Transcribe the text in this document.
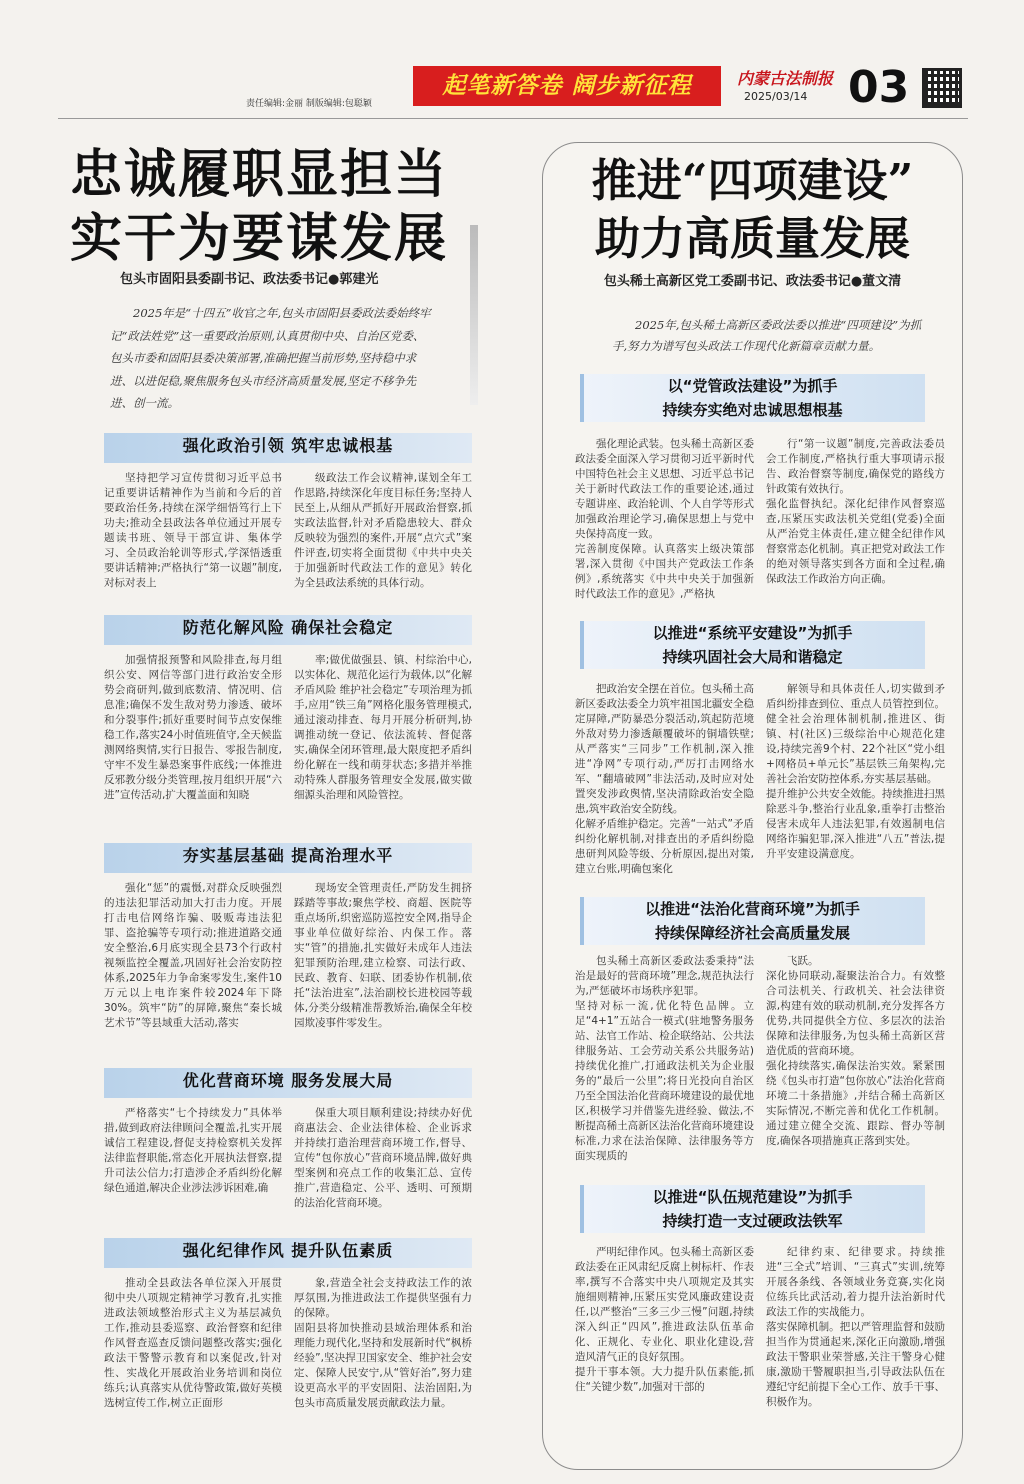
责任编辑:金丽 制版编辑:包聪颖
起笔新答卷 阔步新征程	内蒙古法制报
2025/03/14 03
忠诚履职显担当
实干为要谋发展
包头市固阳县委副书记、政法委书记●郭建光

2025年是“十四五”收官之年,包头市固阳县委政法委始终牢记“政法姓党”这一重要政治原则,认真贯彻中央、自治区党委、包头市委和固阳县委决策部署,准确把握当前形势,坚持稳中求进、以进促稳,聚焦服务包头市经济高质量发展,坚定不移争先进、创一流。

强化政治引领 筑牢忠诚根基

坚持把学习宣传贯彻习近平总书记重要讲话精神作为当前和今后的首要政治任务,持续在深学细悟笃行上下功夫;推动全县政法各单位通过开展专题读书班、领导干部宣讲、集体学习、全员政治轮训等形式,学深悟透重要讲话精神;严格执行“第一议题”制度,对标对表上

级政法工作会议精神,谋划全年工作思路,持续深化年度目标任务;坚持人民至上,从细从严抓好开展政治督察,抓实政法监督,针对矛盾隐患较大、群众反映较为强烈的案件,开展“点穴式”案件评查,切实将全面贯彻《中共中央关于加强新时代政法工作的意见》转化为全县政法系统的具体行动。

防范化解风险 确保社会稳定

加强情报预警和风险排查,每月组织公安、网信等部门进行政治安全形势会商研判,做到底数清、情况明、信息准;确保不发生敌对势力渗透、破坏和分裂事件;抓好重要时间节点安保维稳工作,落实24小时值班值守,全天候监测网络舆情,实行日报告、零报告制度,守牢不发生暴恐案事件底线;一体推进反邪教分级分类管理,按月组织开展“六进”宣传活动,扩大覆盖面和知晓

率;做优做强县、镇、村综治中心,以实体化、规范化运行为载体,以“化解矛盾风险 维护社会稳定”专项治理为抓手,应用“铁三角”网格化服务管理模式,通过滚动排查、每月开展分析研判,协调推动统一登记、依法流转、督促落实,确保全闭环管理,最大限度把矛盾纠纷化解在一线和萌芽状态;多措并举推动特殊人群服务管理安全发展,做实做细源头治理和风险管控。

夯实基层基础 提高治理水平

强化“惩”的震慑,对群众反映强烈的违法犯罪活动加大打击力度。开展打击电信网络诈骗、吸贩毒违法犯罪、盗抢骗等专项行动;推进道路交通安全整治,6月底实现全县73个行政村视频监控全覆盖,巩固好社会治安防控体系,2025年力争命案零发生,案件10万元以上电诈案件较2024年下降30%。筑牢“防”的屏障,聚焦“秦长城艺术节”等县域重大活动,落实

现场安全管理责任,严防发生拥挤踩踏等事故;聚焦学校、商超、医院等重点场所,织密巡防巡控安全网,指导企事业单位做好综治、内保工作。落实“管”的措施,扎实做好未成年人违法犯罪预防治理,建立检察、司法行政、民政、教育、妇联、团委协作机制,依托“法治进室”,法治副校长进校园等载体,分类分级精准帮教矫治,确保全年校园欺凌事件零发生。

优化营商环境 服务发展大局

严格落实“七个持续发力”具体举措,做到政府法律顾问全覆盖,扎实开展诚信工程建设,督促支持检察机关发挥法律监督职能,常态化开展执法督察,提升司法公信力;打造涉企矛盾纠纷化解绿色通道,解决企业涉法涉诉困难,确

保重大项目顺利建设;持续办好优商惠法会、企业法律体检、企业诉求并持续打造治理营商环境工作,督导、宣传“包你放心”营商环境品牌,做好典型案例和亮点工作的收集汇总、宣传推广,营造稳定、公平、透明、可预期的法治化营商环境。

强化纪律作风 提升队伍素质

推动全县政法各单位深入开展贯彻中央八项规定精神学习教育,扎实推进政法领域整治形式主义为基层减负工作,推动县委巡察、政治督察和纪律作风督查巡查反馈问题整改落实;强化政法干警警示教育和以案促改,针对性、实战化开展政治业务培训和岗位练兵;认真落实从优待警政策,做好英模选树宣传工作,树立正面形

象,营造全社会支持政法工作的浓厚氛围,为推进政法工作提供坚强有力的保障。
固阳县将加快推动县域治理体系和治理能力现代化,坚持和发展新时代“枫桥经验”,坚决捍卫国家安全、维护社会安定、保障人民安宁,从“管好治”,努力建设更高水平的平安固阳、法治固阳,为包头市高质量发展贡献政法力量。

推进“四项建设”
助力高质量发展
包头稀土高新区党工委副书记、政法委书记●董文清

2025年,包头稀土高新区委政法委以推进“四项建设”为抓手,努力为谱写包头政法工作现代化新篇章贡献力量。

以“党管政法建设”为抓手
持续夯实绝对忠诚思想根基

强化理论武装。包头稀土高新区委政法委全面深入学习贯彻习近平新时代中国特色社会主义思想、习近平总书记关于新时代政法工作的重要论述,通过专题讲座、政治轮训、个人自学等形式加强政治理论学习,确保思想上与党中央保持高度一致。
完善制度保障。认真落实上级决策部署,深入贯彻《中国共产党政法工作条例》,系统落实《中共中央关于加强新时代政法工作的意见》,严格执

行“第一议题”制度,完善政法委员会工作制度,严格执行重大事项请示报告、政治督察等制度,确保党的路线方针政策有效执行。
强化监督执纪。深化纪律作风督察巡查,压紧压实政法机关党组(党委)全面从严治党主体责任,建立健全纪律作风督察常态化机制。真正把党对政法工作的绝对领导落实到各方面和全过程,确保政法工作政治方向正确。

以推进“系统平安建设”为抓手
持续巩固社会大局和谐稳定

把政治安全摆在首位。包头稀土高新区委政法委全力筑牢祖国北疆安全稳定屏障,严防暴恐分裂活动,筑起防范境外敌对势力渗透颠覆破坏的铜墙铁壁;从严落实“三同步”工作机制,深入推进“净网”专项行动,严厉打击网络水军、“翻墙破网”非法活动,及时应对处置突发涉政舆情,坚决清除政治安全隐患,筑牢政治安全防线。
化解矛盾维护稳定。完善“一站式”矛盾纠纷化解机制,对排查出的矛盾纠纷隐患研判风险等级、分析原因,提出对策,建立台账,明确包案化

解领导和具体责任人,切实做到矛盾纠纷排查到位、重点人员管控到位。健全社会治理体制机制,推进区、街镇、村(社区)三级综治中心规范化建设,持续完善9个村、22个社区“党小组+网格员+单元长”基层铁三角架构,完善社会治安防控体系,夯实基层基础。
提升维护公共安全效能。持续推进扫黑除恶斗争,整治行业乱象,重拳打击整治侵害未成年人违法犯罪,有效遏制电信网络诈骗犯罪,深入推进“八五”普法,提升平安建设满意度。

以推进“法治化营商环境”为抓手
持续保障经济社会高质量发展

包头稀土高新区委政法委秉持“法治是最好的营商环境”理念,规范执法行为,严惩破坏市场秩序犯罪。
坚持对标一流,优化特色品牌。立足“4+1”五站合一模式(驻地警务服务站、法官工作站、检企联络站、公共法律服务站、工会劳动关系公共服务站)持续优化推广,打通政法机关为企业服务的“最后一公里”;将日光投向自治区乃至全国法治化营商环境建设的最优地区,积极学习并借鉴先进经验、做法,不断提高稀土高新区法治化营商环境建设标准,力求在法治保障、法律服务等方面实现质的

飞跃。
深化协同联动,凝聚法治合力。有效整合司法机关、行政机关、社会法律资源,构建有效的联动机制,充分发挥各方优势,共同提供全方位、多层次的法治保障和法律服务,为包头稀土高新区营造优质的营商环境。
强化持续落实,确保法治实效。紧紧围绕《包头市打造“包你放心”法治化营商环境二十条措施》,并结合稀土高新区实际情况,不断完善和优化工作机制。通过建立健全交流、跟踪、督办等制度,确保各项措施真正落到实处。

以推进“队伍规范建设”为抓手
持续打造一支过硬政法铁军

严明纪律作风。包头稀土高新区委政法委在正风肃纪反腐上树标杆、作表率,撰写不合落实中央八项规定及其实施细则精神,压紧压实党风廉政建设责任,以严整治“三多三少三慢”问题,持续深入纠正“四风”,推进政法队伍革命化、正规化、专业化、职业化建设,营造风清气正的良好氛围。
提升干事本领。大力提升队伍素能,抓住“关键少数”,加强对干部的

纪律约束、纪律要求。持续推进“三全式”培训、“三真式”实训,统筹开展各条线、各领域业务竞赛,实化岗位练兵比武活动,着力提升法治新时代政法工作的实战能力。
落实保障机制。把以严管理监督和鼓励担当作为贯通起来,深化正向激励,增强政法干警职业荣誉感,关注干警身心健康,激励干警履职担当,引导政法队伍在遵纪守纪前提下全心工作、放手干事、积极作为。
